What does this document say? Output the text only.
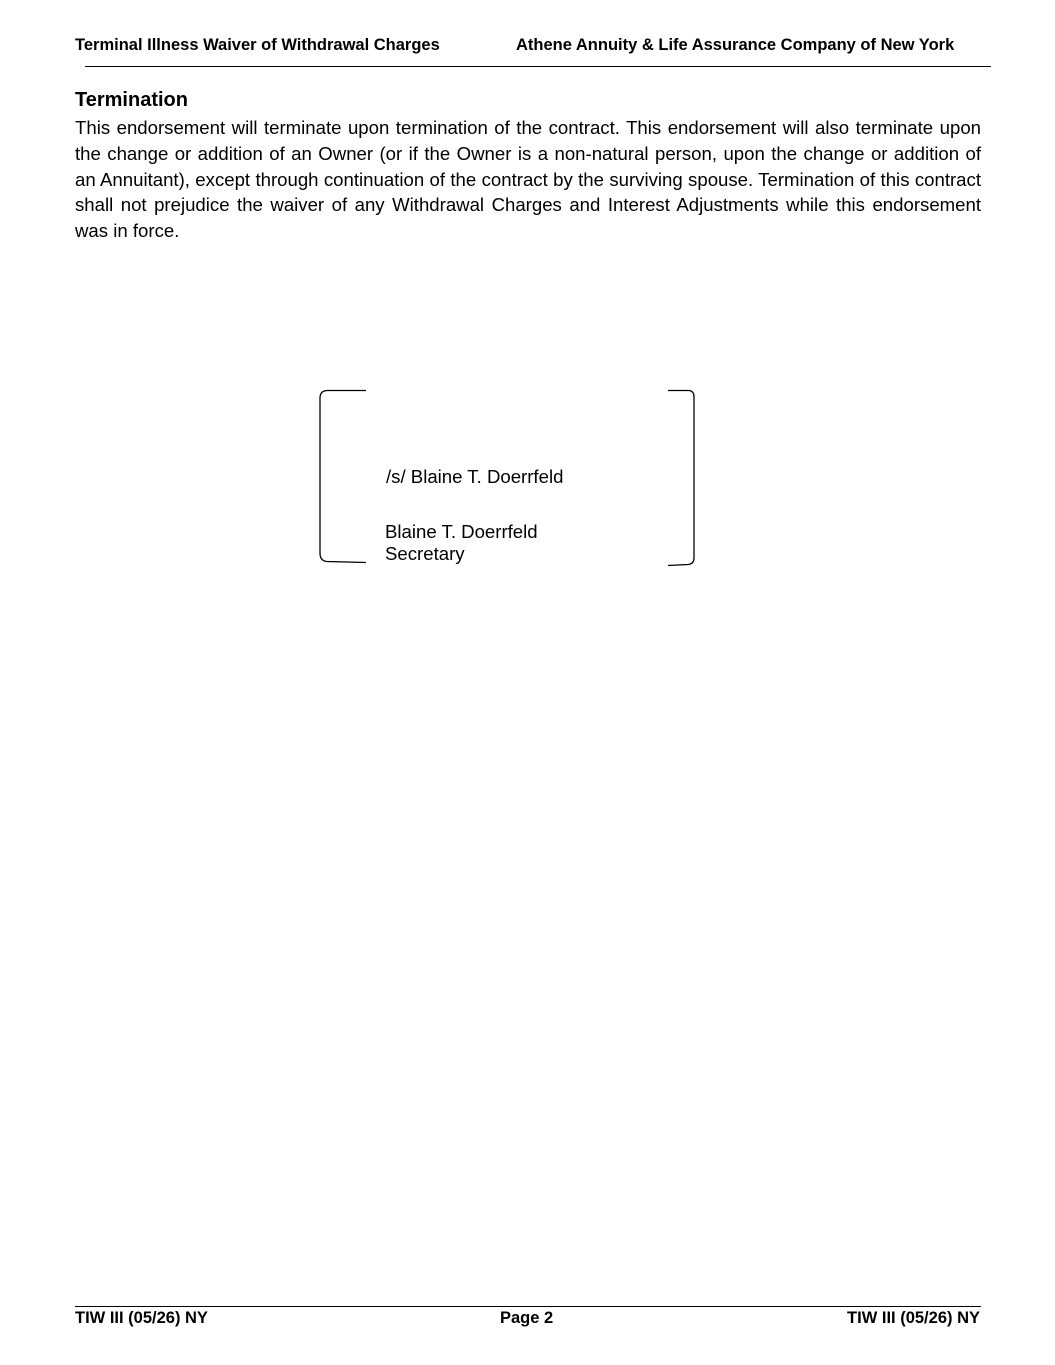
Terminal Illness Waiver of Withdrawal Charges	Athene Annuity & Life Assurance Company of New York
Termination

This endorsement will terminate upon termination of the contract. This endorsement will also terminate upon the change or addition of an Owner (or if the Owner is a non-natural person, upon the change or addition of an Annuitant), except through continuation of the contract by the surviving spouse. Termination of this contract shall not prejudice the waiver of any Withdrawal Charges and Interest Adjustments while this endorsement was in force.

/s/ Blaine T. Doerrfeld
Blaine T. Doerrfeld
Secretary
TIW III (05/26) NY	Page 2	TIW III (05/26) NY
